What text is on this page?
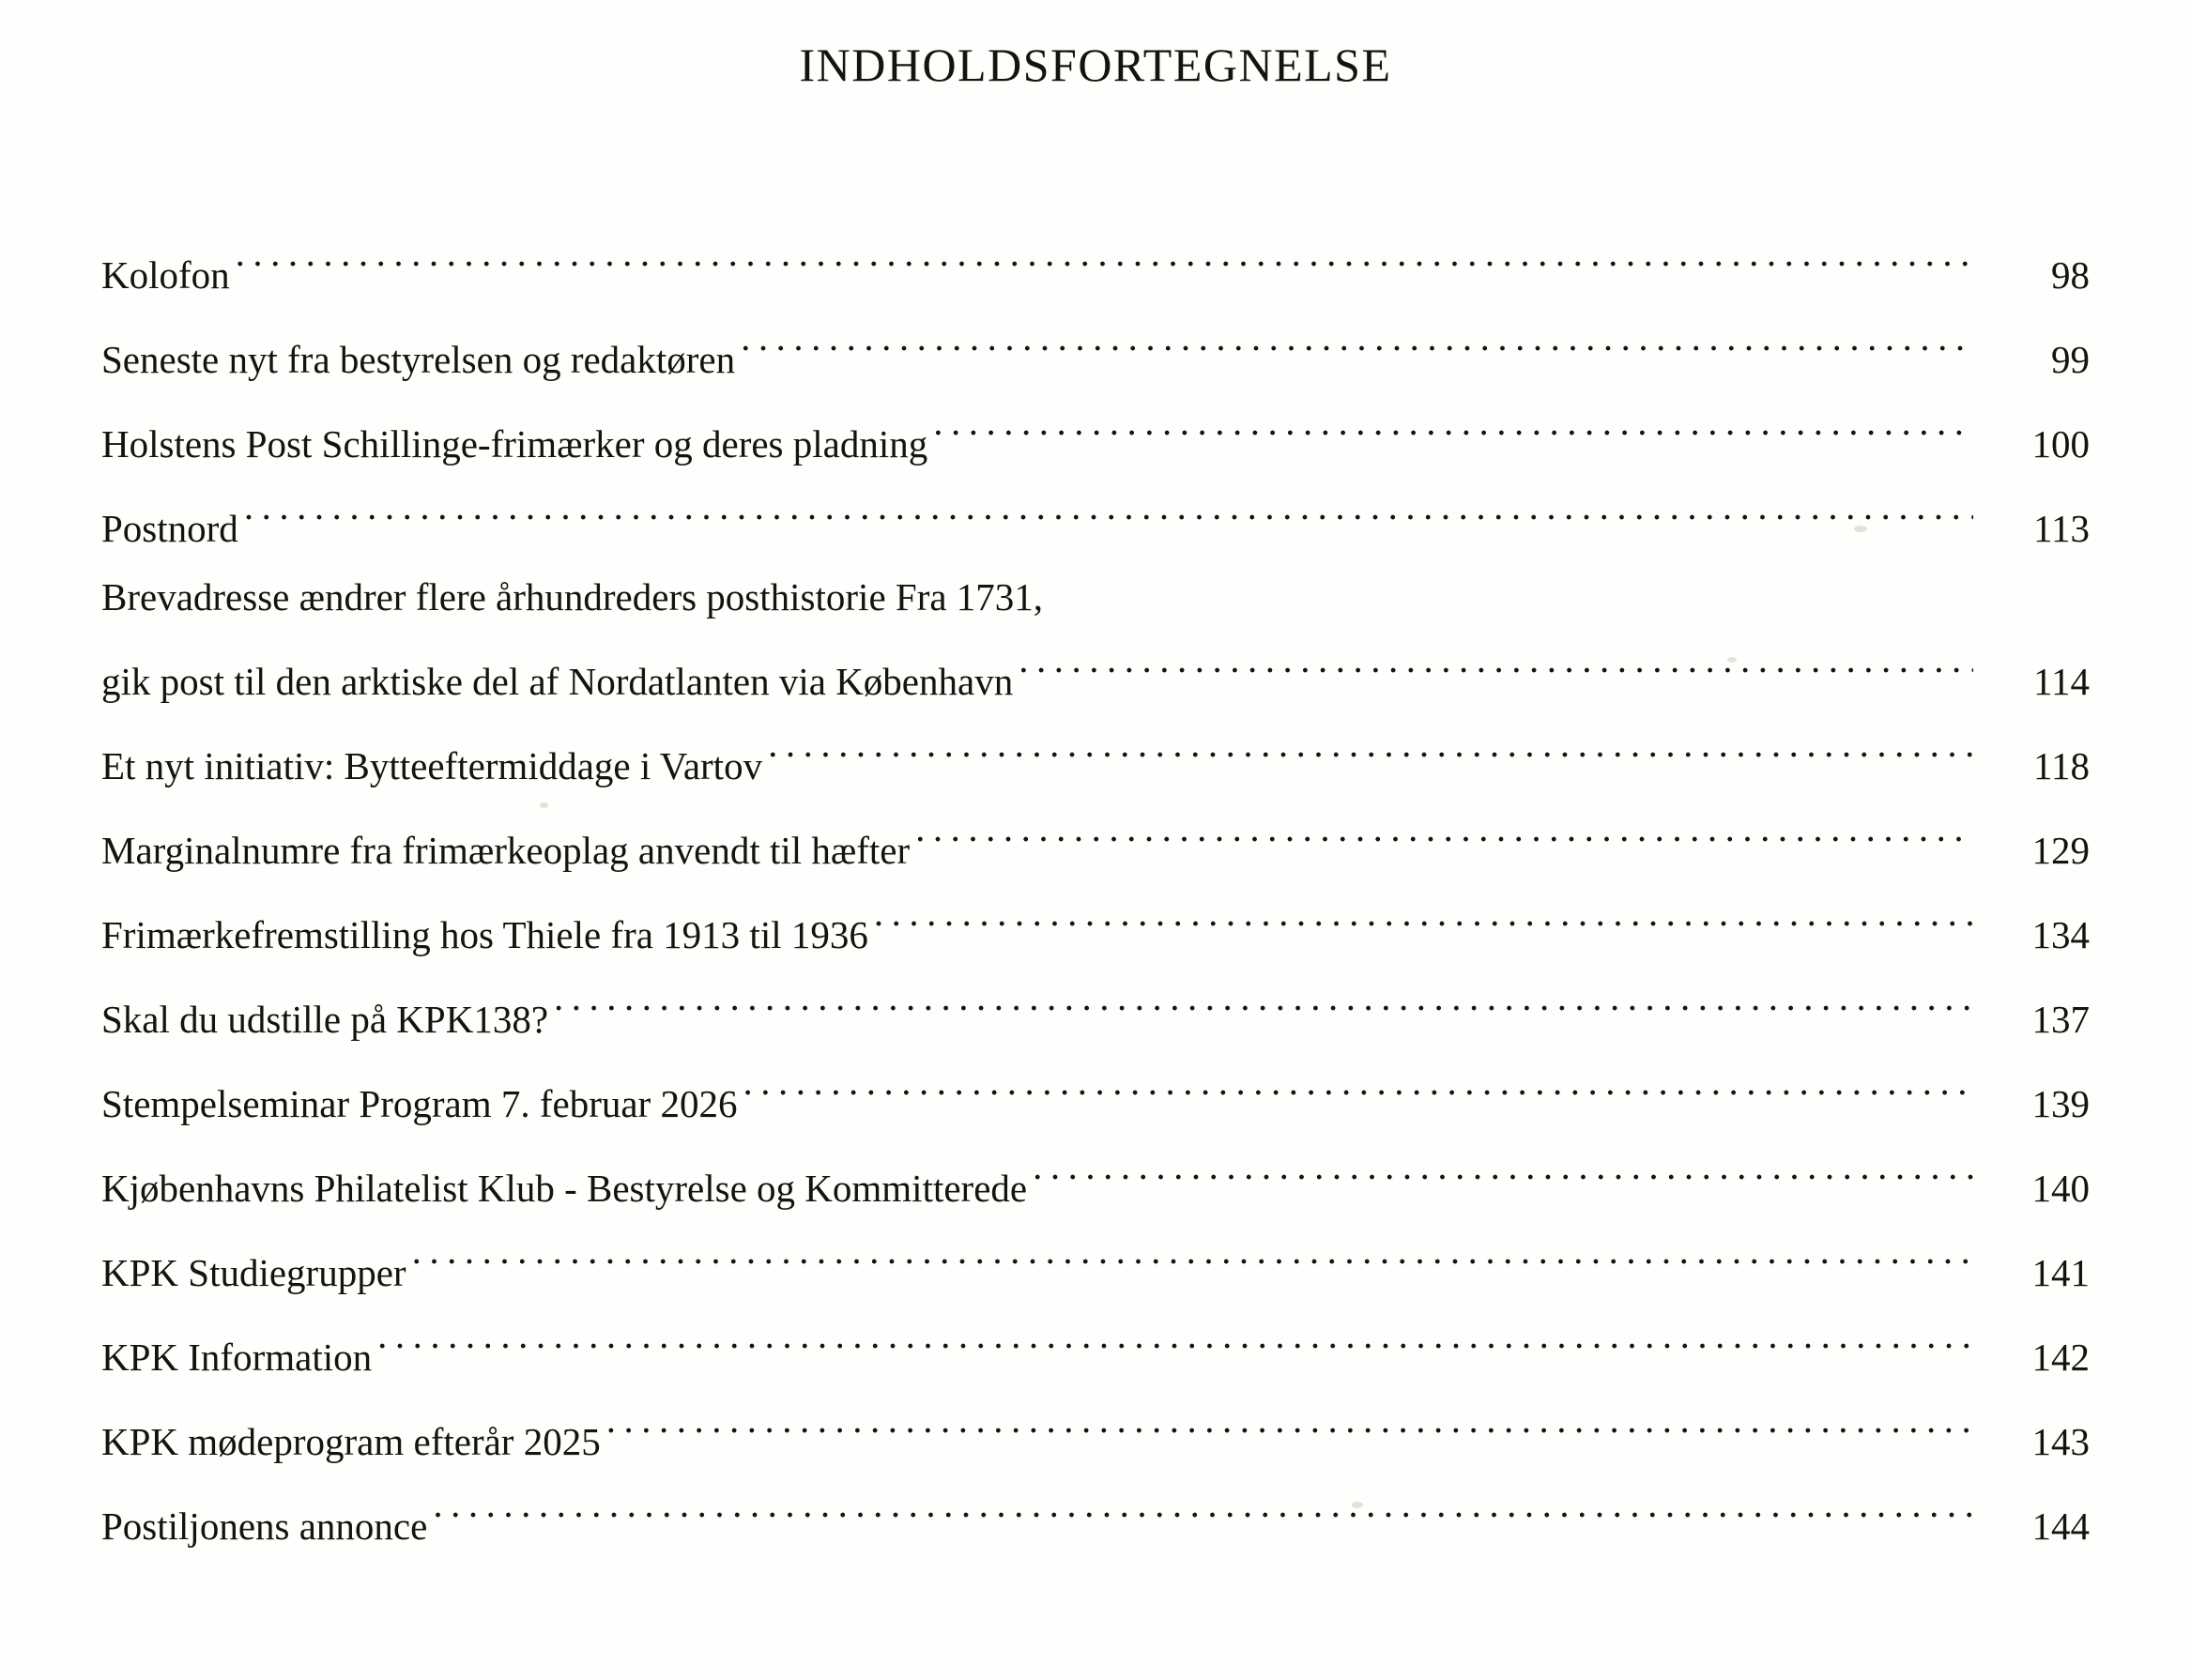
INDHOLDSFORTEGNELSE
Kolofon .....	98
Seneste nyt fra bestyrelsen og redaktøren .....	99
Holstens Post Schillinge-frimærker og deres pladning .....	100
Postnord .....	113
Brevadresse ændrer flere århundreders posthistorie Fra 1731,
gik post til den arktiske del af Nordatlanten via København .....	114
Et nyt initiativ: Bytteeftermiddage i Vartov .....	118
Marginalnumre fra frimærkeoplag anvendt til hæfter .....	129
Frimærkefremstilling hos Thiele fra 1913 til 1936 .....	134
Skal du udstille på KPK138? .....	137
Stempelseminar Program 7. februar 2026 .....	139
Kjøbenhavns Philatelist Klub - Bestyrelse og Kommitterede .....	140
KPK Studiegrupper .....	141
KPK Information .....	142
KPK mødeprogram efterår 2025 .....	143
Postiljonens annonce .....	144
